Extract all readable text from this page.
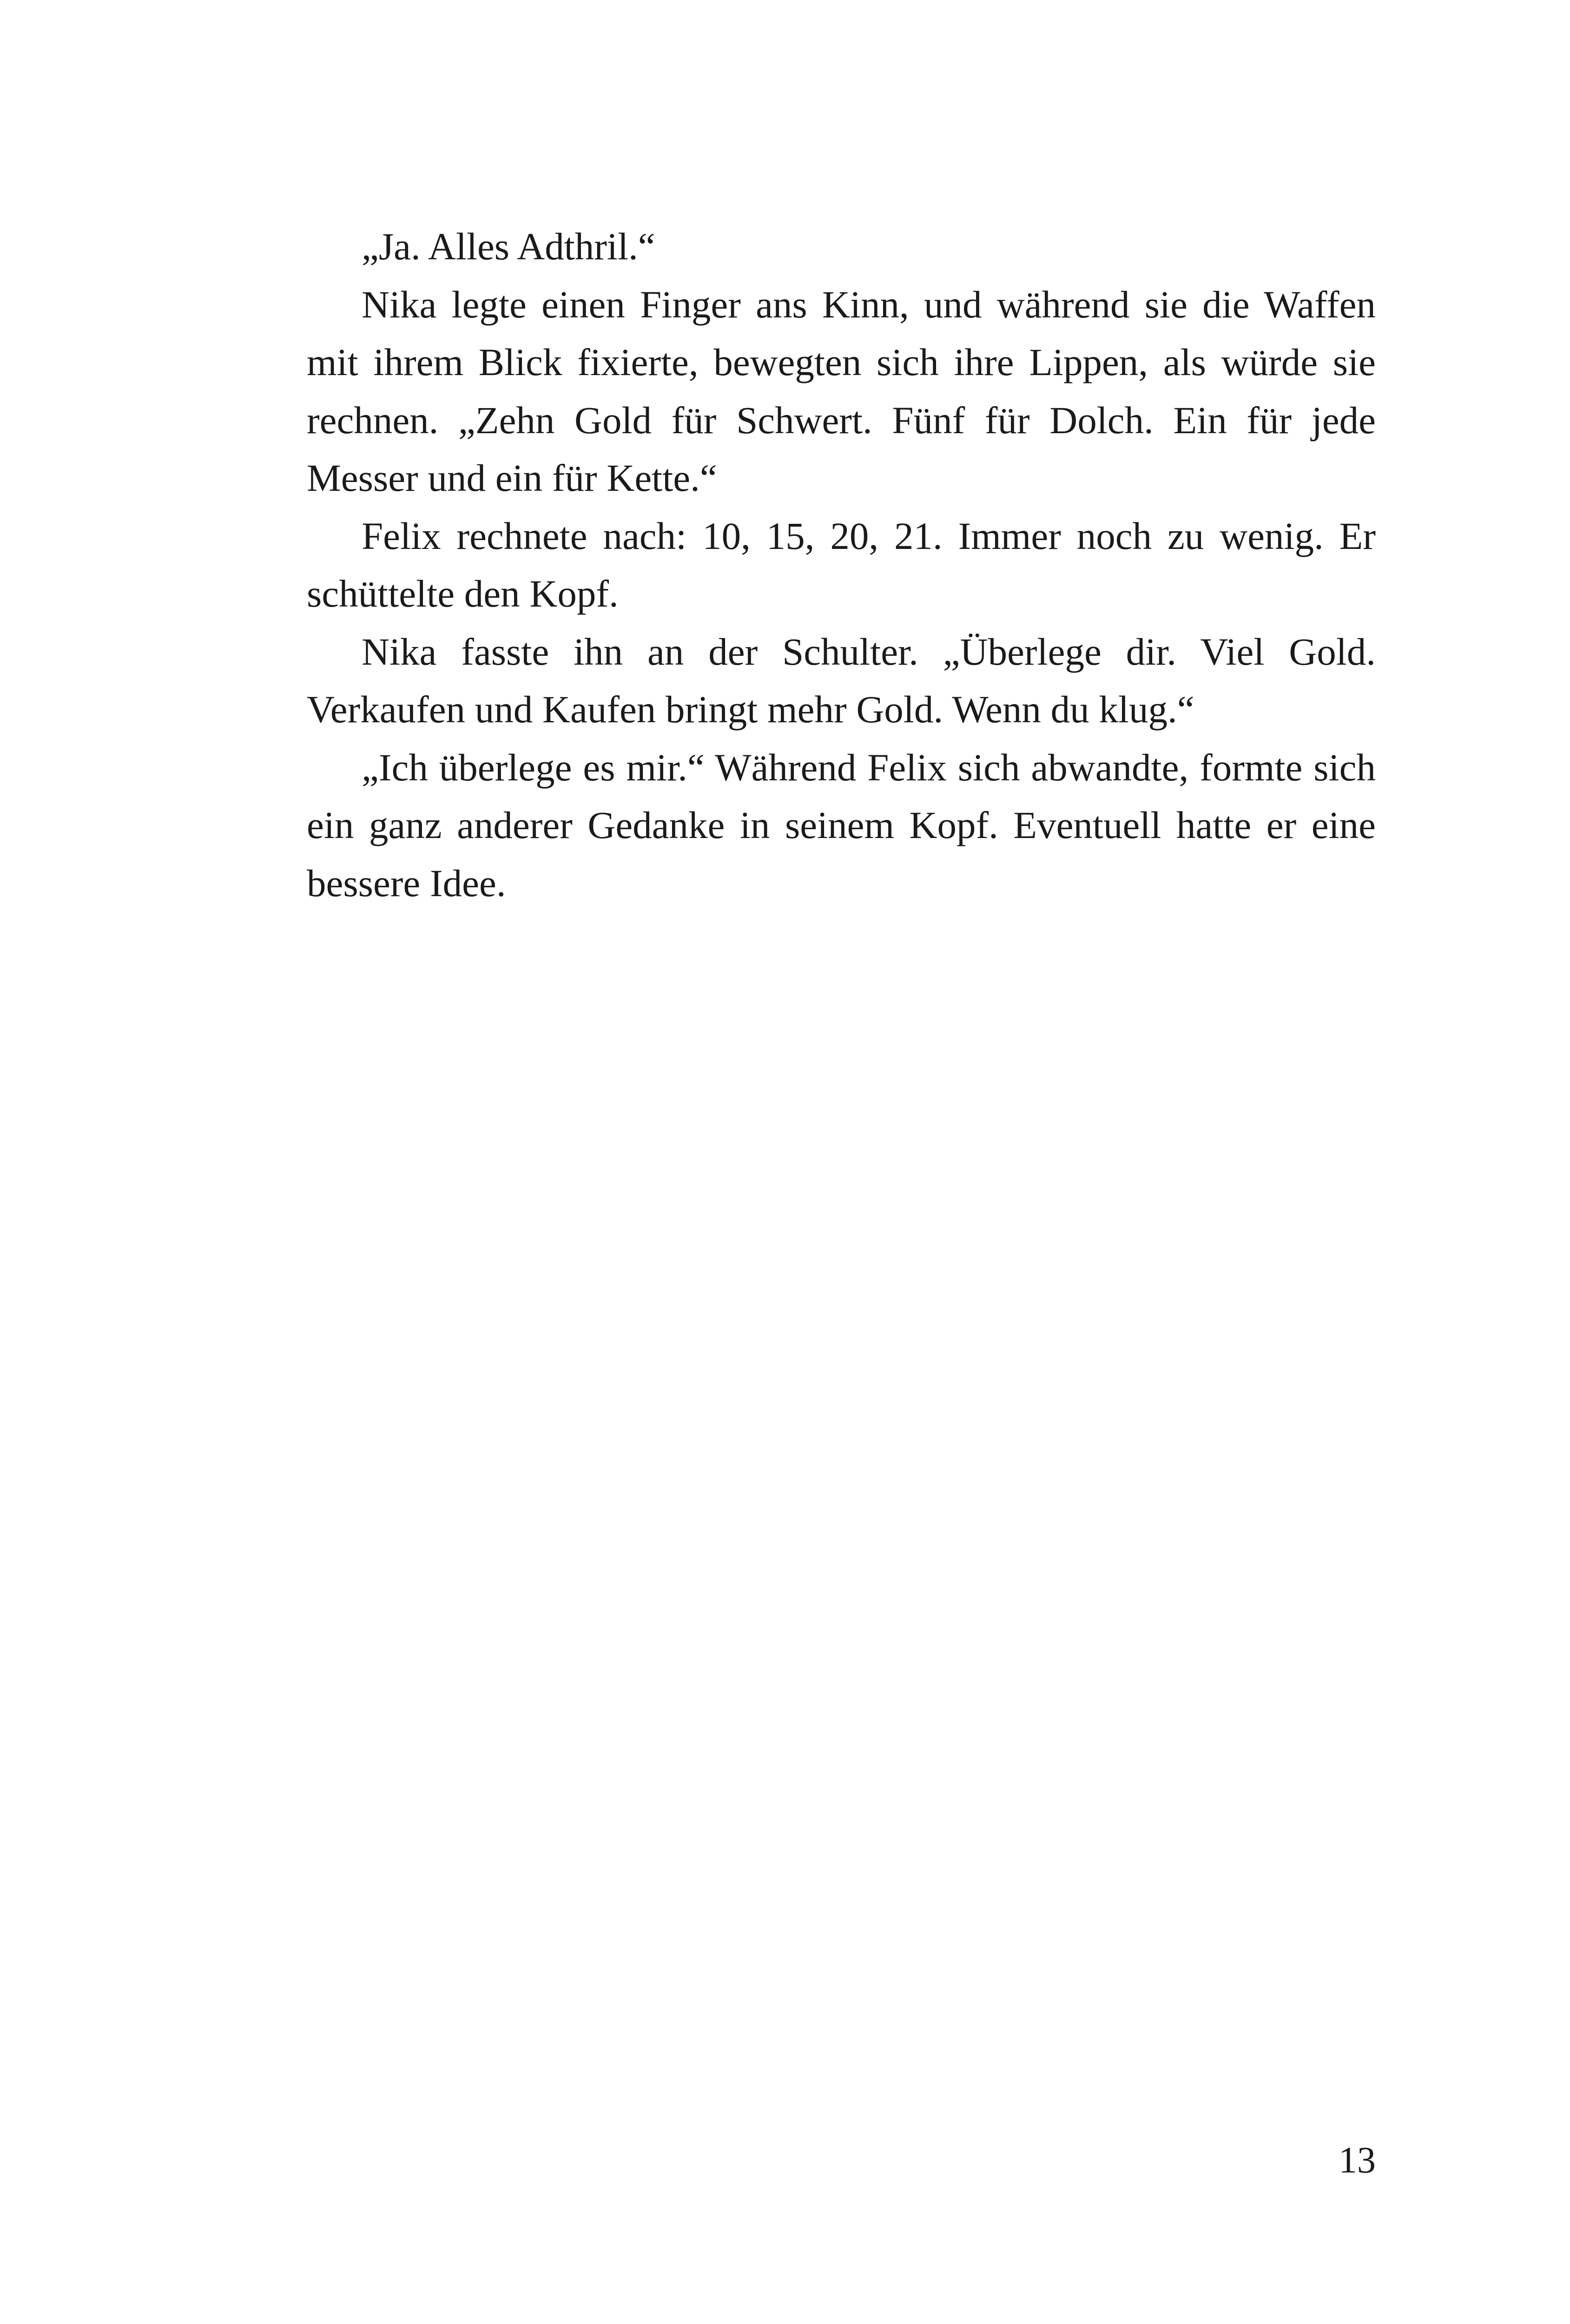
„Ja. Alles Adthril.“

Nika legte einen Finger ans Kinn, und während sie die Waffen mit ihrem Blick fixierte, bewegten sich ihre Lippen, als würde sie rechnen. „Zehn Gold für Schwert. Fünf für Dolch. Ein für jede Messer und ein für Kette.“

Felix rechnete nach: 10, 15, 20, 21. Immer noch zu wenig. Er schüttelte den Kopf.

Nika fasste ihn an der Schulter. „Überlege dir. Viel Gold. Verkaufen und Kaufen bringt mehr Gold. Wenn du klug.“

„Ich überlege es mir.“ Während Felix sich abwandte, formte sich ein ganz anderer Gedanke in seinem Kopf. Eventuell hatte er eine bessere Idee.

13
